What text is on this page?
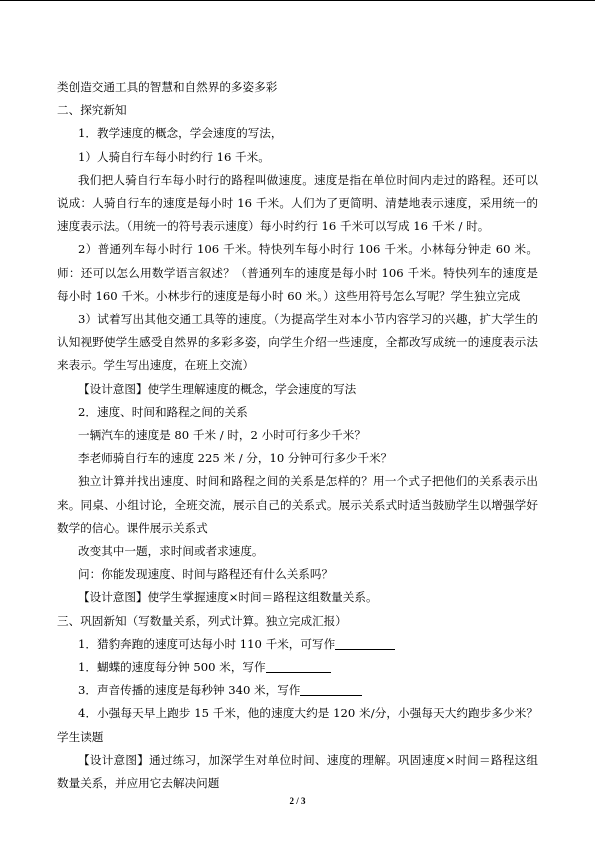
类创造交通工具的智慧和自然界的多姿多彩

二、探究新知

1．教学速度的概念，学会速度的写法，

1）人骑自行车每小时约行 16 千米。

我们把人骑自行车每小时行的路程叫做速度。速度是指在单位时间内走过的路程。还可以说成：人骑自行车的速度是每小时 16 千米。人们为了更简明、清楚地表示速度，采用统一的速度表示法。（用统一的符号表示速度）每小时约行 16 千米可以写成 16 千米 / 时。

2）普通列车每小时行 106 千米。特快列车每小时行 106 千米。小林每分钟走 60 米。师：还可以怎么用数学语言叙述？（普通列车的速度是每小时 106 千米。特快列车的速度是每小时 160 千米。小林步行的速度是每小时 60 米。）这些用符号怎么写呢？学生独立完成

3）试着写出其他交通工具等的速度。（为提高学生对本小节内容学习的兴趣，扩大学生的认知视野使学生感受自然界的多彩多姿，向学生介绍一些速度，全都改写成统一的速度表示法来表示。学生写出速度，在班上交流）

【设计意图】使学生理解速度的概念，学会速度的写法

2．速度、时间和路程之间的关系

一辆汽车的速度是 80 千米 / 时，2 小时可行多少千米？

李老师骑自行车的速度 225 米 / 分，10 分钟可行多少千米？

独立计算并找出速度、时间和路程之间的关系是怎样的？用一个式子把他们的关系表示出来。同桌、小组讨论，全班交流，展示自己的关系式。展示关系式时适当鼓励学生以增强学好数学的信心。课件展示关系式

改变其中一题，求时间或者求速度。

问：你能发现速度、时间与路程还有什么关系吗？

【设计意图】使学生掌握速度×时间＝路程这组数量关系。

三、巩固新知（写数量关系，列式计算。独立完成汇报）

1．猎豹奔跑的速度可达每小时 110 千米，可写作

1．蝴蝶的速度每分钟 500 米，写作

3．声音传播的速度是每秒钟 340 米，写作

4．小强每天早上跑步 15 千米，他的速度大约是 120 米/分，小强每天大约跑步多少米？学生读题

【设计意图】通过练习，加深学生对单位时间、速度的理解。巩固速度×时间＝路程这组数量关系，并应用它去解决问题

2 / 3
